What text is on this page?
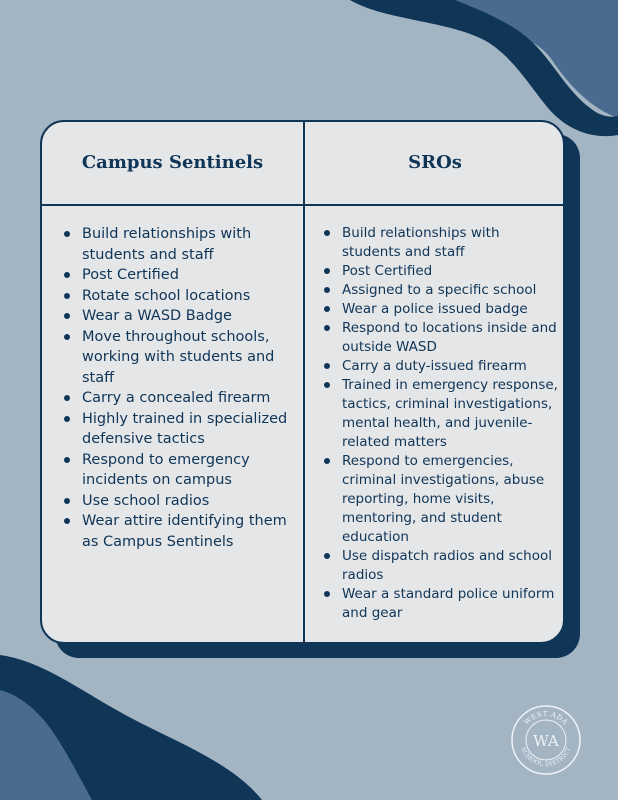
Campus Sentinels	SROs
Build relationships with students and staff
Post Certified
Rotate school locations
Wear a WASD Badge
Move throughout schools, working with students and staff
Carry a concealed firearm
Highly trained in specialized defensive tactics
Respond to emergency incidents on campus
Use school radios
Wear attire identifying them as Campus Sentinels
Build relationships with students and staff
Post Certified
Assigned to a specific school
Wear a police issued badge
Respond to locations inside and outside WASD
Carry a duty-issued firearm
Trained in emergency response, tactics, criminal investigations, mental health, and juvenile-related matters
Respond to emergencies, criminal investigations, abuse reporting, home visits, mentoring, and student education
Use dispatch radios and school radios
Wear a standard police uniform and gear
WEST ADA
SCHOOL DISTRICT
WA
